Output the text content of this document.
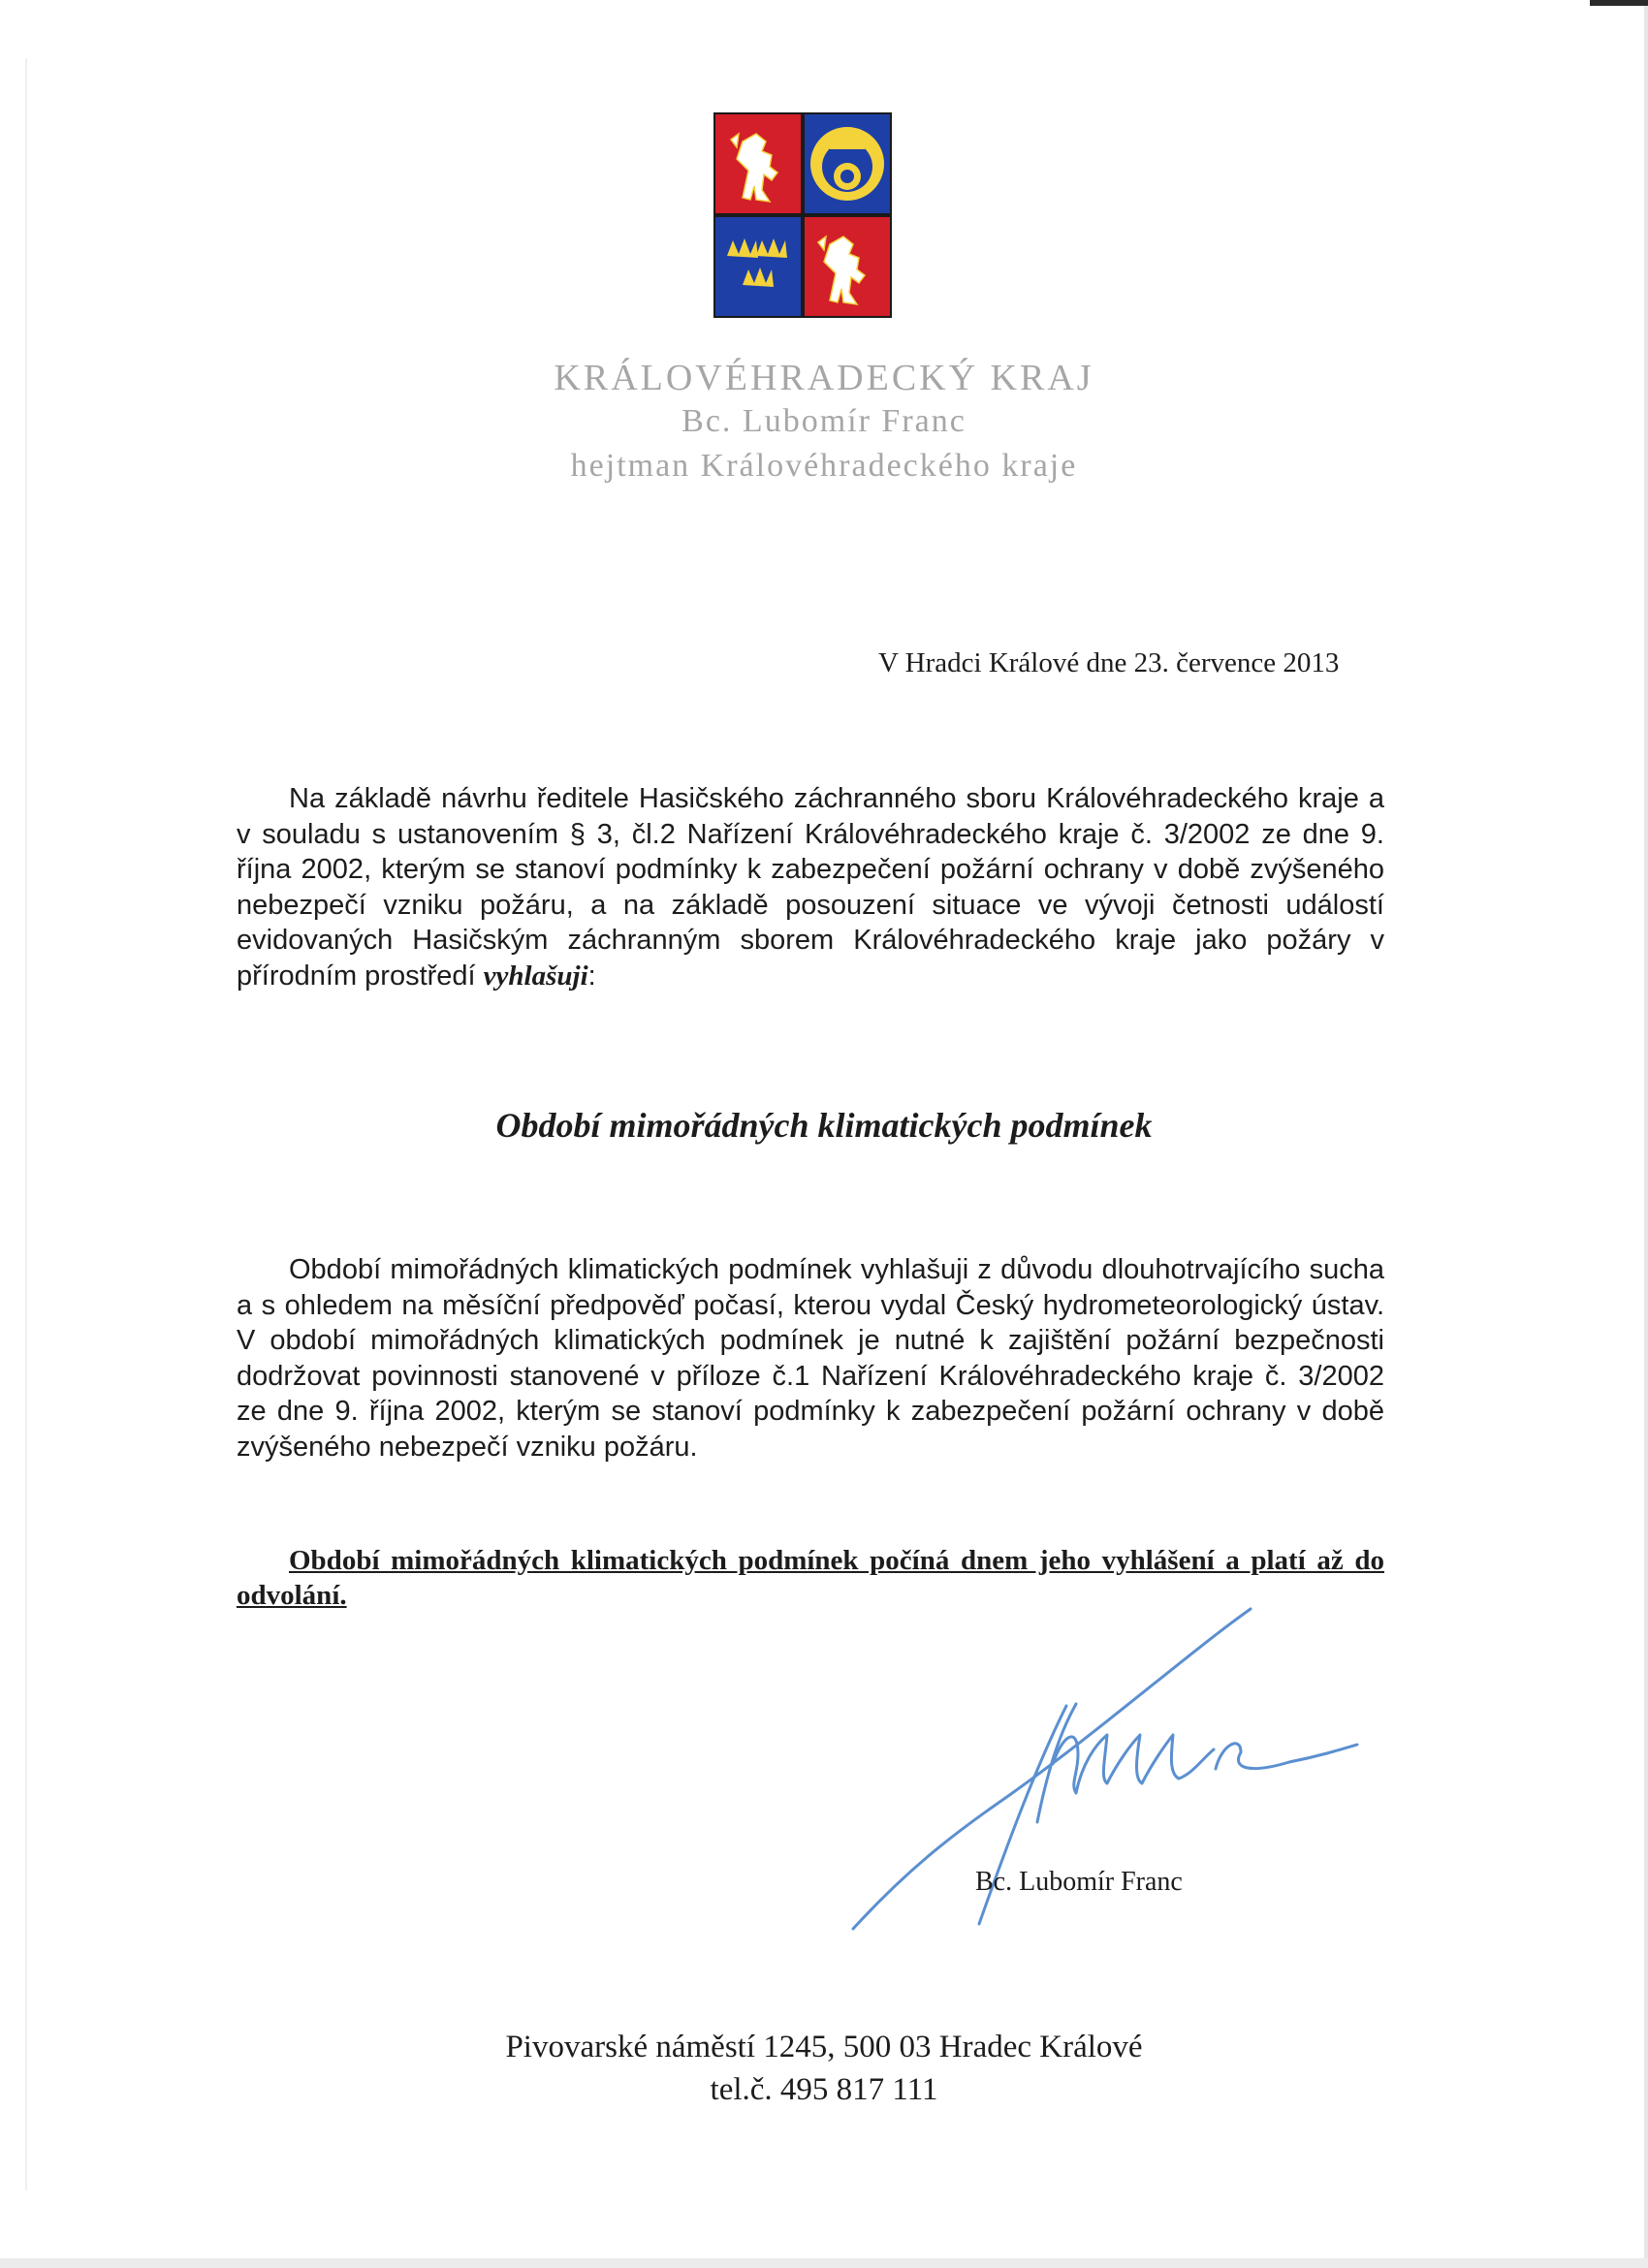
KRÁLOVÉHRADECKÝ KRAJ
Bc. Lubomír Franc
hejtman Královéhradeckého kraje
V Hradci Králové dne 23. července 2013
Na základě návrhu ředitele Hasičského záchranného sboru Královéhradeckého kraje a v souladu s ustanovením § 3, čl.2 Nařízení Královéhradeckého kraje č. 3/2002 ze dne 9. října 2002, kterým se stanoví podmínky k zabezpečení požární ochrany v době zvýšeného nebezpečí vzniku požáru, a na základě posouzení situace ve vývoji četnosti událostí evidovaných Hasičským záchranným sborem Královéhradeckého kraje jako požáry v přírodním prostředí vyhlašuji:
Období mimořádných klimatických podmínek
Období mimořádných klimatických podmínek vyhlašuji z důvodu dlouhotrvajícího sucha a s ohledem na měsíční předpověď počasí, kterou vydal Český hydrometeorologický ústav. V období mimořádných klimatických podmínek je nutné k zajištění požární bezpečnosti dodržovat povinnosti stanovené v příloze č.1 Nařízení Královéhradeckého kraje č. 3/2002 ze dne 9. října 2002, kterým se stanoví podmínky k zabezpečení požární ochrany v době zvýšeného nebezpečí vzniku požáru.
Období mimořádných klimatických podmínek počíná dnem jeho vyhlášení a platí až do odvolání.
Bc. Lubomír Franc
Pivovarské náměstí 1245, 500 03 Hradec Králové
tel.č. 495 817 111
